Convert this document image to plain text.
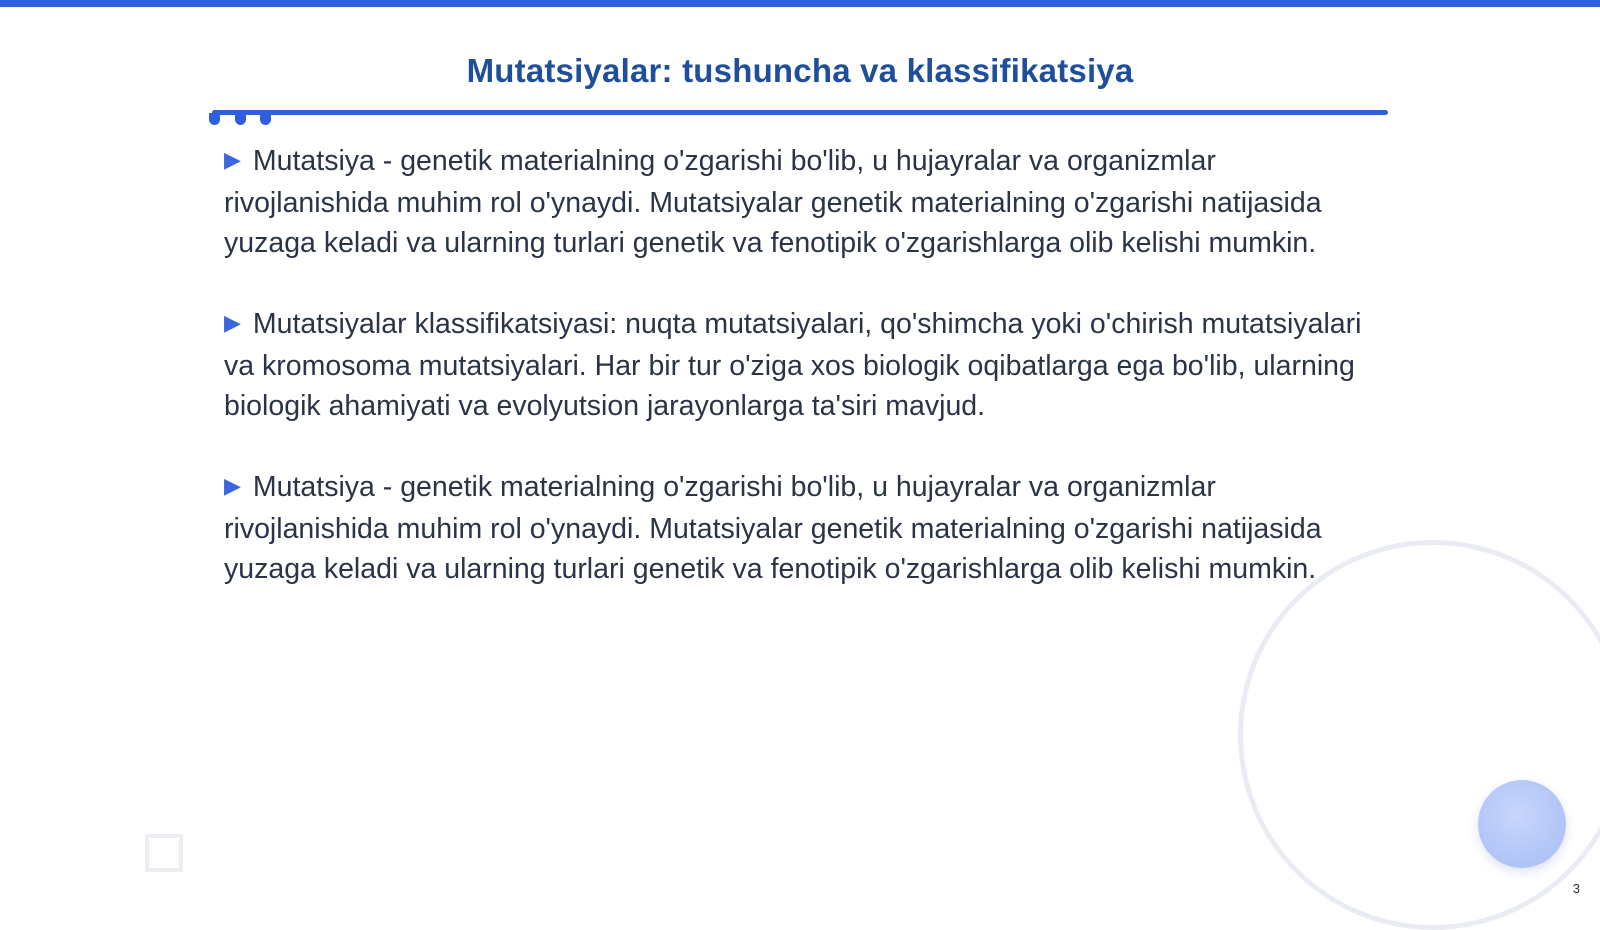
Mutatsiyalar: tushuncha va klassifikatsiya

▶ Mutatsiya - genetik materialning o'zgarishi bo'lib, u hujayralar va organizmlar rivojlanishida muhim rol o'ynaydi. Mutatsiyalar genetik materialning o'zgarishi natijasida yuzaga keladi va ularning turlari genetik va fenotipik o'zgarishlarga olib kelishi mumkin.

▶ Mutatsiyalar klassifikatsiyasi: nuqta mutatsiyalari, qo'shimcha yoki o'chirish mutatsiyalari va kromosoma mutatsiyalari. Har bir tur o'ziga xos biologik oqibatlarga ega bo'lib, ularning biologik ahamiyati va evolyutsion jarayonlarga ta'siri mavjud.

▶ Mutatsiya - genetik materialning o'zgarishi bo'lib, u hujayralar va organizmlar rivojlanishida muhim rol o'ynaydi. Mutatsiyalar genetik materialning o'zgarishi natijasida yuzaga keladi va ularning turlari genetik va fenotipik o'zgarishlarga olib kelishi mumkin.

3
